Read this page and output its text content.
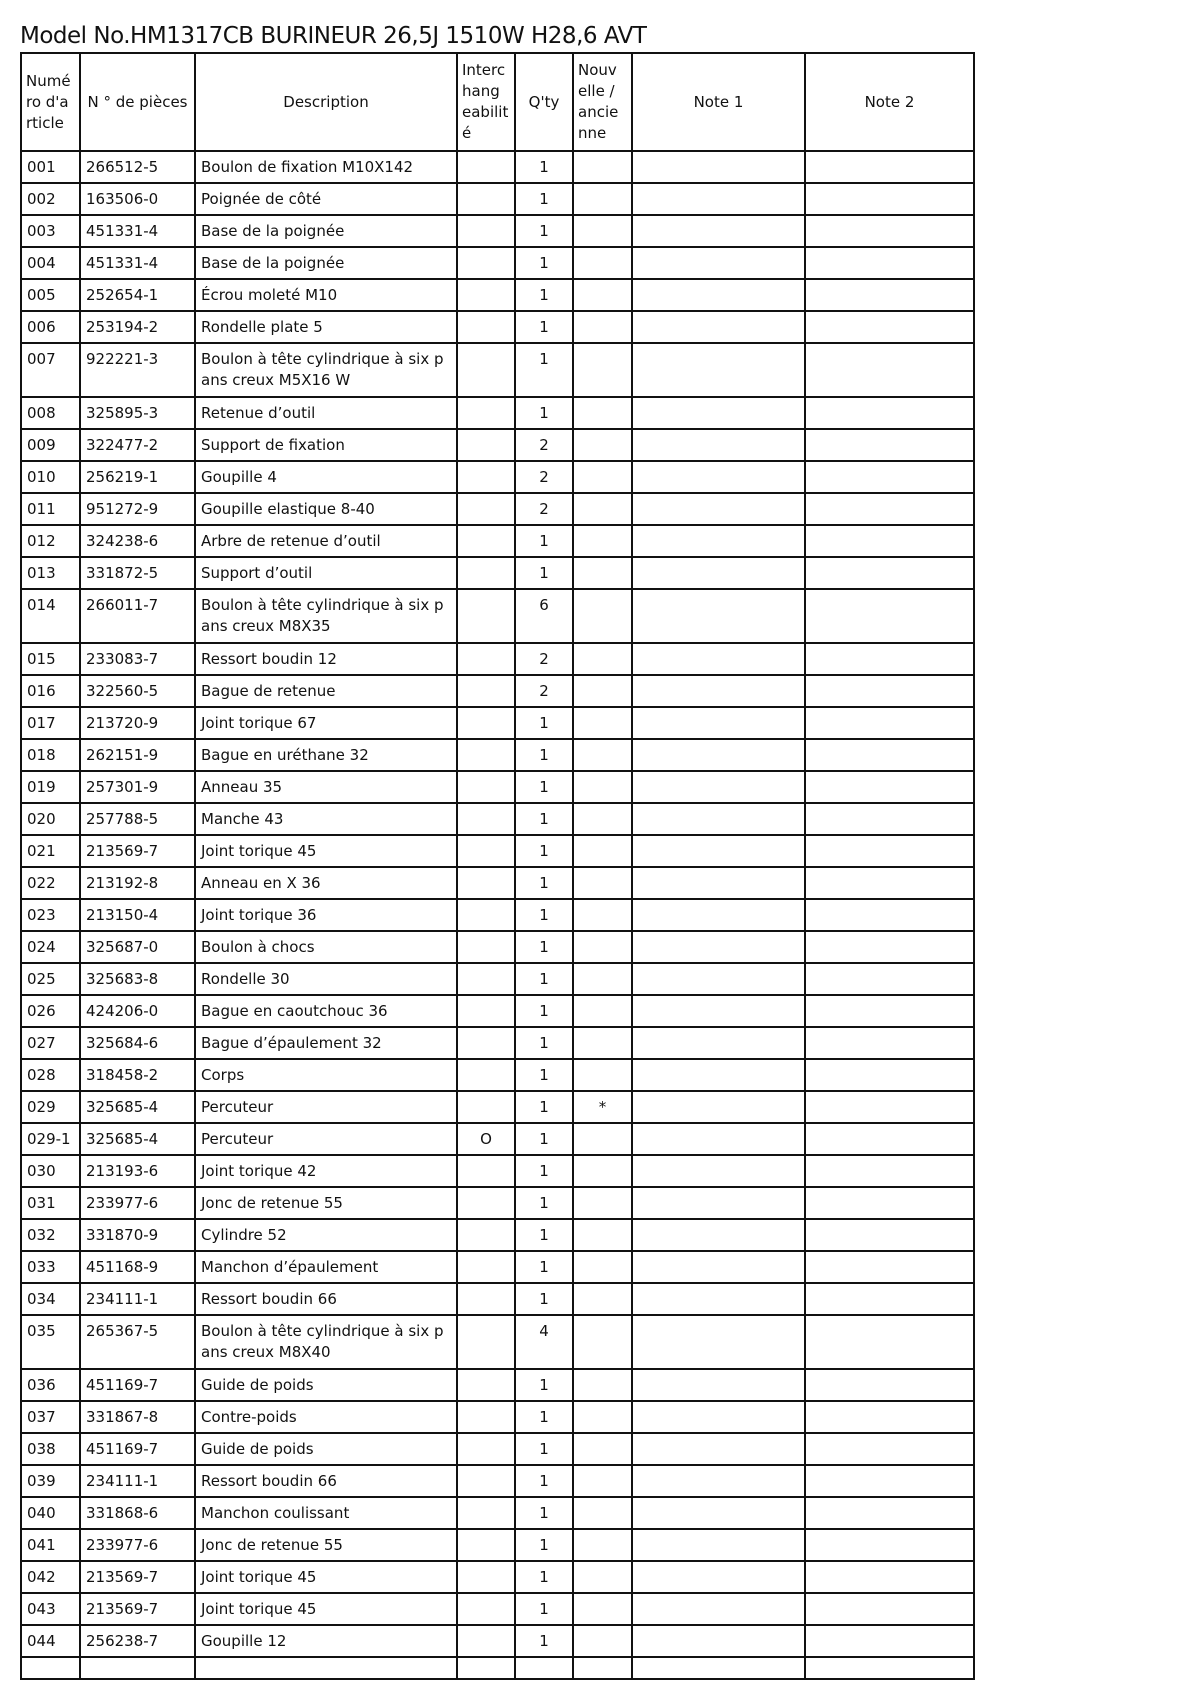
Model No.HM1317CB BURINEUR 26,5J 1510W H28,6 AVT
Numé ro d'a rticle	N ° de pièces	Description	Interc hang eabilit é	Q'ty	Nouv elle / ancie nne	Note 1	Note 2
001	266512-5	Boulon de fixation M10X142		1			
002	163506-0	Poignée de côté		1			
003	451331-4	Base de la poignée		1			
004	451331-4	Base de la poignée		1			
005	252654-1	Écrou moleté M10		1			
006	253194-2	Rondelle plate 5		1			
007	922221-3	Boulon à tête cylindrique à six pans creux M5X16 W		1			
008	325895-3	Retenue d’outil		1			
009	322477-2	Support de fixation		2			
010	256219-1	Goupille 4		2			
011	951272-9	Goupille elastique 8-40		2			
012	324238-6	Arbre de retenue d’outil		1			
013	331872-5	Support d’outil		1			
014	266011-7	Boulon à tête cylindrique à six pans creux M8X35		6			
015	233083-7	Ressort boudin 12		2			
016	322560-5	Bague de retenue		2			
017	213720-9	Joint torique 67		1			
018	262151-9	Bague en uréthane 32		1			
019	257301-9	Anneau 35		1			
020	257788-5	Manche 43		1			
021	213569-7	Joint torique 45		1			
022	213192-8	Anneau en X 36		1			
023	213150-4	Joint torique 36		1			
024	325687-0	Boulon à chocs		1			
025	325683-8	Rondelle 30		1			
026	424206-0	Bague en caoutchouc 36		1			
027	325684-6	Bague d’épaulement 32		1			
028	318458-2	Corps		1			
029	325685-4	Percuteur		1	*		
029-1	325685-4	Percuteur	O	1			
030	213193-6	Joint torique 42		1			
031	233977-6	Jonc de retenue 55		1			
032	331870-9	Cylindre 52		1			
033	451168-9	Manchon d’épaulement		1			
034	234111-1	Ressort boudin 66		1			
035	265367-5	Boulon à tête cylindrique à six pans creux M8X40		4			
036	451169-7	Guide de poids		1			
037	331867-8	Contre-poids		1			
038	451169-7	Guide de poids		1			
039	234111-1	Ressort boudin 66		1			
040	331868-6	Manchon coulissant		1			
041	233977-6	Jonc de retenue 55		1			
042	213569-7	Joint torique 45		1			
043	213569-7	Joint torique 45		1			
044	256238-7	Goupille 12		1			
